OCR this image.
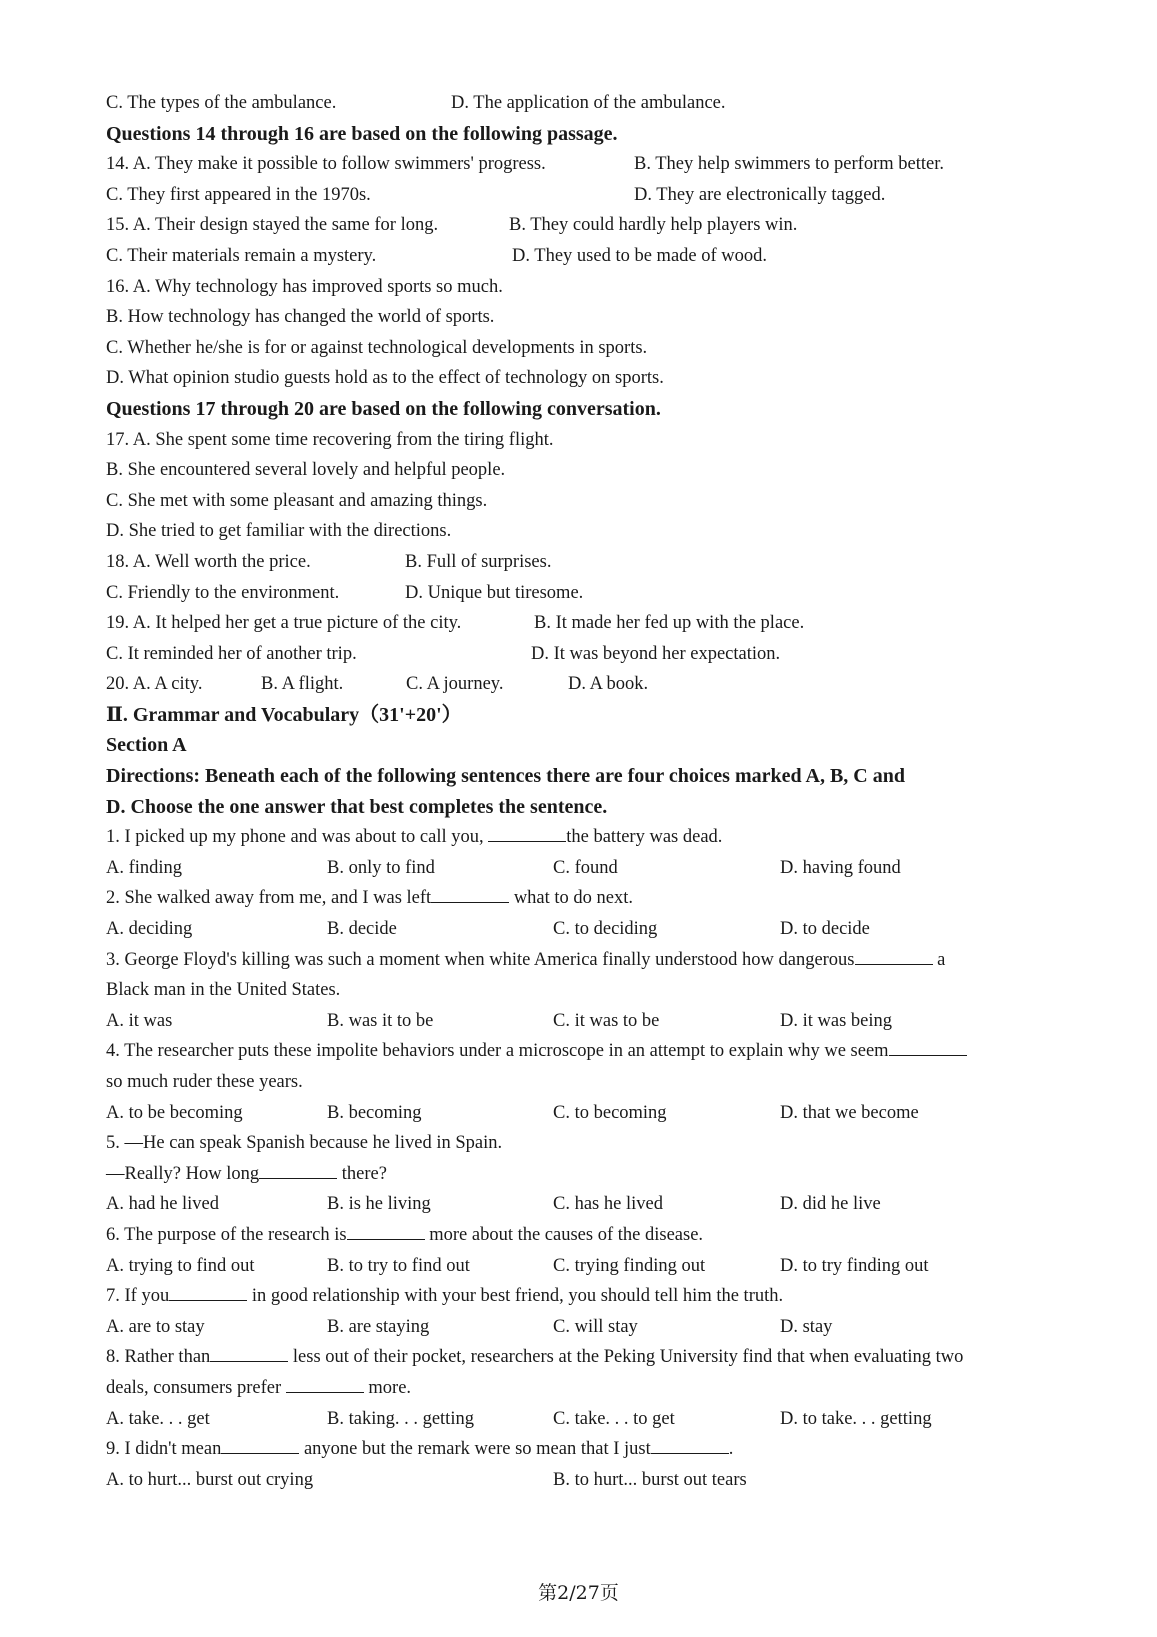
C. The types of the ambulance.	D. The application of the ambulance.
Questions 14 through 16 are based on the following passage.
14. A. They make it possible to follow swimmers' progress.	B. They help swimmers to perform better.
C. They first appeared in the 1970s.	D. They are electronically tagged.
15. A. Their design stayed the same for long.	B. They could hardly help players win.
C. Their materials remain a mystery.	D. They used to be made of wood.
16. A. Why technology has improved sports so much.
B. How technology has changed the world of sports.
C. Whether he/she is for or against technological developments in sports.
D. What opinion studio guests hold as to the effect of technology on sports.
Questions 17 through 20 are based on the following conversation.
17. A. She spent some time recovering from the tiring flight.
B. She encountered several lovely and helpful people.
C. She met with some pleasant and amazing things.
D. She tried to get familiar with the directions.
18. A. Well worth the price.	B. Full of surprises.
C. Friendly to the environment.	D. Unique but tiresome.
19. A. It helped her get a true picture of the city.	B. It made her fed up with the place.
C. It reminded her of another trip.	D. It was beyond her expectation.
20. A. A city.	B. A flight.	C. A journey.	D. A book.
Ⅱ. Grammar and Vocabulary（31'+20'）
Section A
Directions: Beneath each of the following sentences there are four choices marked A, B, C and
D. Choose the one answer that best completes the sentence.
1. I picked up my phone and was about to call you,	the battery was dead.
A. finding	B. only to find	C. found	D. having found
2. She walked away from me, and I was left	what to do next.
A. deciding	B. decide	C. to deciding	D. to decide
3. George Floyd's killing was such a moment when white America finally understood how dangerous	a
Black man in the United States.
A. it was	B. was it to be	C. it was to be	D. it was being
4. The researcher puts these impolite behaviors under a microscope in an attempt to explain why we seem
so much ruder these years.
A. to be becoming	B. becoming	C. to becoming	D. that we become
5. —He can speak Spanish because he lived in Spain.
—Really? How long	there?
A. had he lived	B. is he living	C. has he lived	D. did he live
6. The purpose of the research is	more about the causes of the disease.
A. trying to find out	B. to try to find out	C. trying finding out	D. to try finding out
7. If you	in good relationship with your best friend, you should tell him the truth.
A. are to stay	B. are staying	C. will stay	D. stay
8. Rather than	less out of their pocket, researchers at the Peking University find that when evaluating two
deals, consumers prefer	more.
A. take. . . get	B. taking. . . getting	C. take. . . to get	D. to take. . . getting
9. I didn't mean	anyone but the remark were so mean that I just	.
A. to hurt... burst out crying	B. to hurt... burst out tears
第2/27页
